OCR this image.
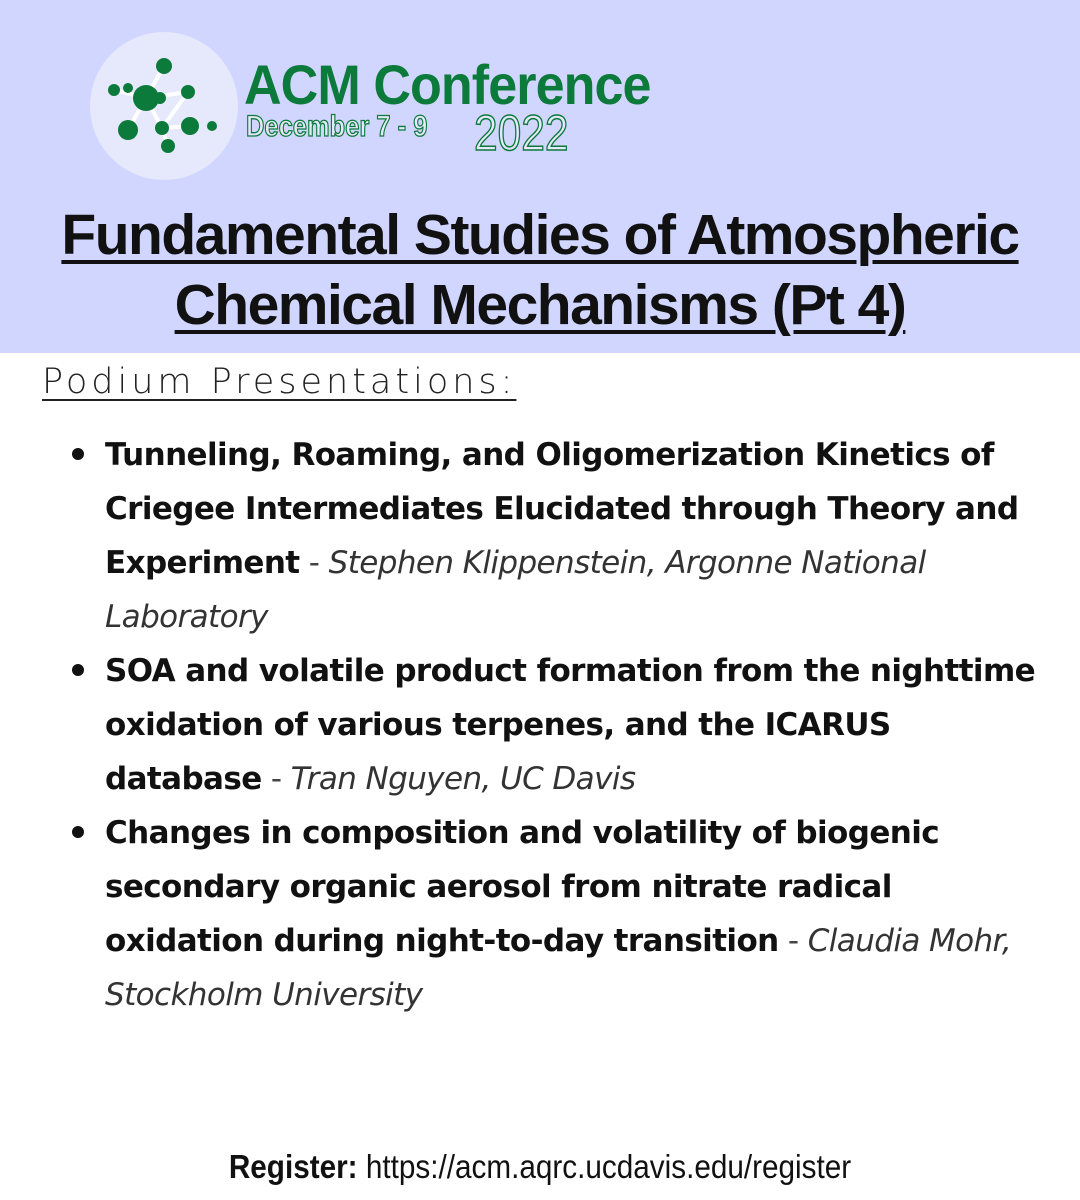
ACM Conference
December 7 - 9 2022
Fundamental Studies of Atmospheric
Chemical Mechanisms (Pt 4)
Podium Presentations:
Tunneling, Roaming, and Oligomerization Kinetics of Criegee Intermediates Elucidated through Theory and Experiment - Stephen Klippenstein, Argonne National Laboratory
SOA and volatile product formation from the nighttime oxidation of various terpenes, and the ICARUS database - Tran Nguyen, UC Davis
Changes in composition and volatility of biogenic secondary organic aerosol from nitrate radical oxidation during night-to-day transition - Claudia Mohr, Stockholm University
Register: https://acm.aqrc.ucdavis.edu/register
